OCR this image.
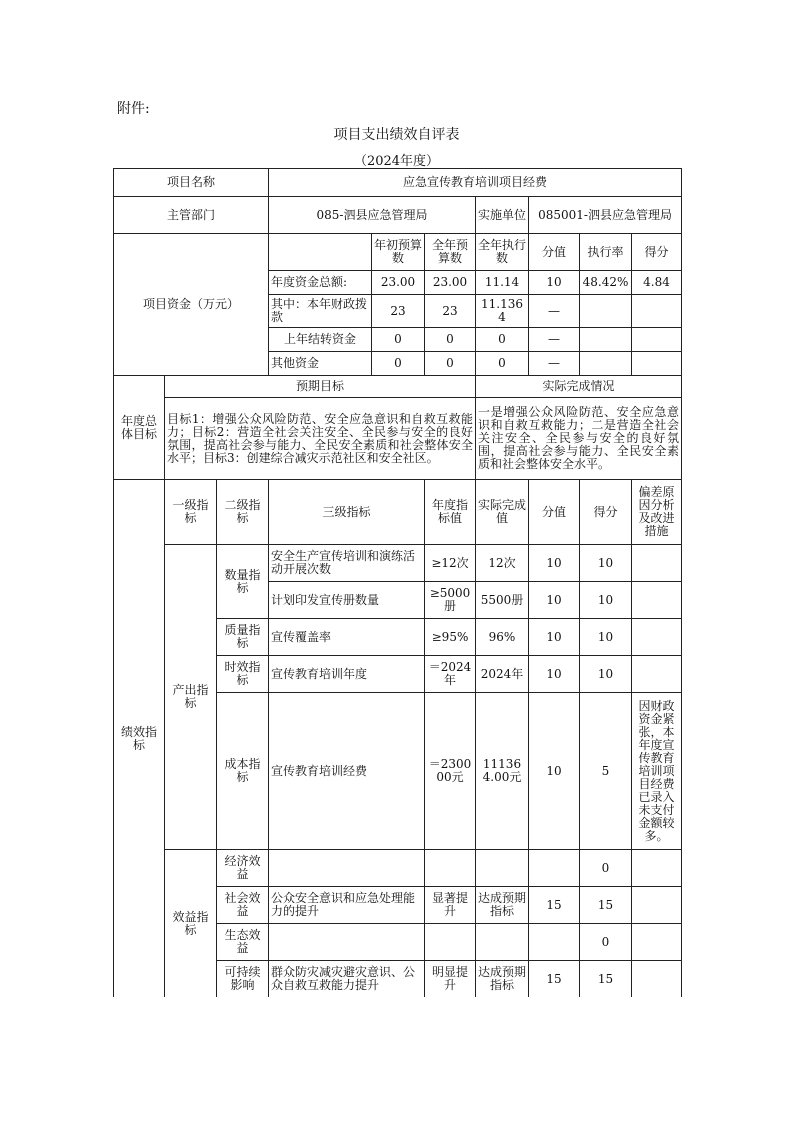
附件:
项目支出绩效自评表
（2024年度）
项目名称			应急宣传教育培训项目经费						
主管部门			085-泗县应急管理局			实施单位	085001-泗县应急管理局		
项目资金（万元）				年初预算数	全年预算数	全年执行数	分值	执行率	得分
			年度资金总额:	23.00	23.00	11.14	10	48.42%	4.84
			其中：本年财政拨款	23	23	11.1364	—		
			上年结转资金	0	0	0	—		
			其他资金	0	0	0	—		
年度总体目标	预期目标					实际完成情况			
	目标1：增强公众风险防范、安全应急意识和自救互救能力；目标2：营造全社会关注安全、全民参与安全的良好氛围，提高社会参与能力、全民安全素质和社会整体安全水平；目标3：创建综合减灾示范社区和安全社区。					一是增强公众风险防范、安全应急意识和自救互救能力；二是营造全社会关注安全、全民参与安全的良好氛围，提高社会参与能力、全民安全素质和社会整体安全水平。			
绩效指标	一级指标	二级指标	三级指标		年度指标值	实际完成值	分值	得分	偏差原因分析及改进措施
	产出指标	数量指标	安全生产宣传培训和演练活动开展次数		≥12次	12次	10	10	
			计划印发宣传册数量		≥5000册	5500册	10	10	
		质量指标	宣传覆盖率		≥95%	96%	10	10	
		时效指标	宣传教育培训年度		＝2024年	2024年	10	10	
		成本指标	宣传教育培训经费		＝230000元	111364.00元	10	5	因财政资金紧张，本年度宣传教育培训项目经费已录入未支付金额较多。
	效益指标	经济效益						0	
		社会效益	公众安全意识和应急处理能力的提升		显著提升	达成预期指标	15	15	
		生态效益						0	
		可持续影响	群众防灾减灾避灾意识、公众自救互救能力提升		明显提升	达成预期指标	15	15	
